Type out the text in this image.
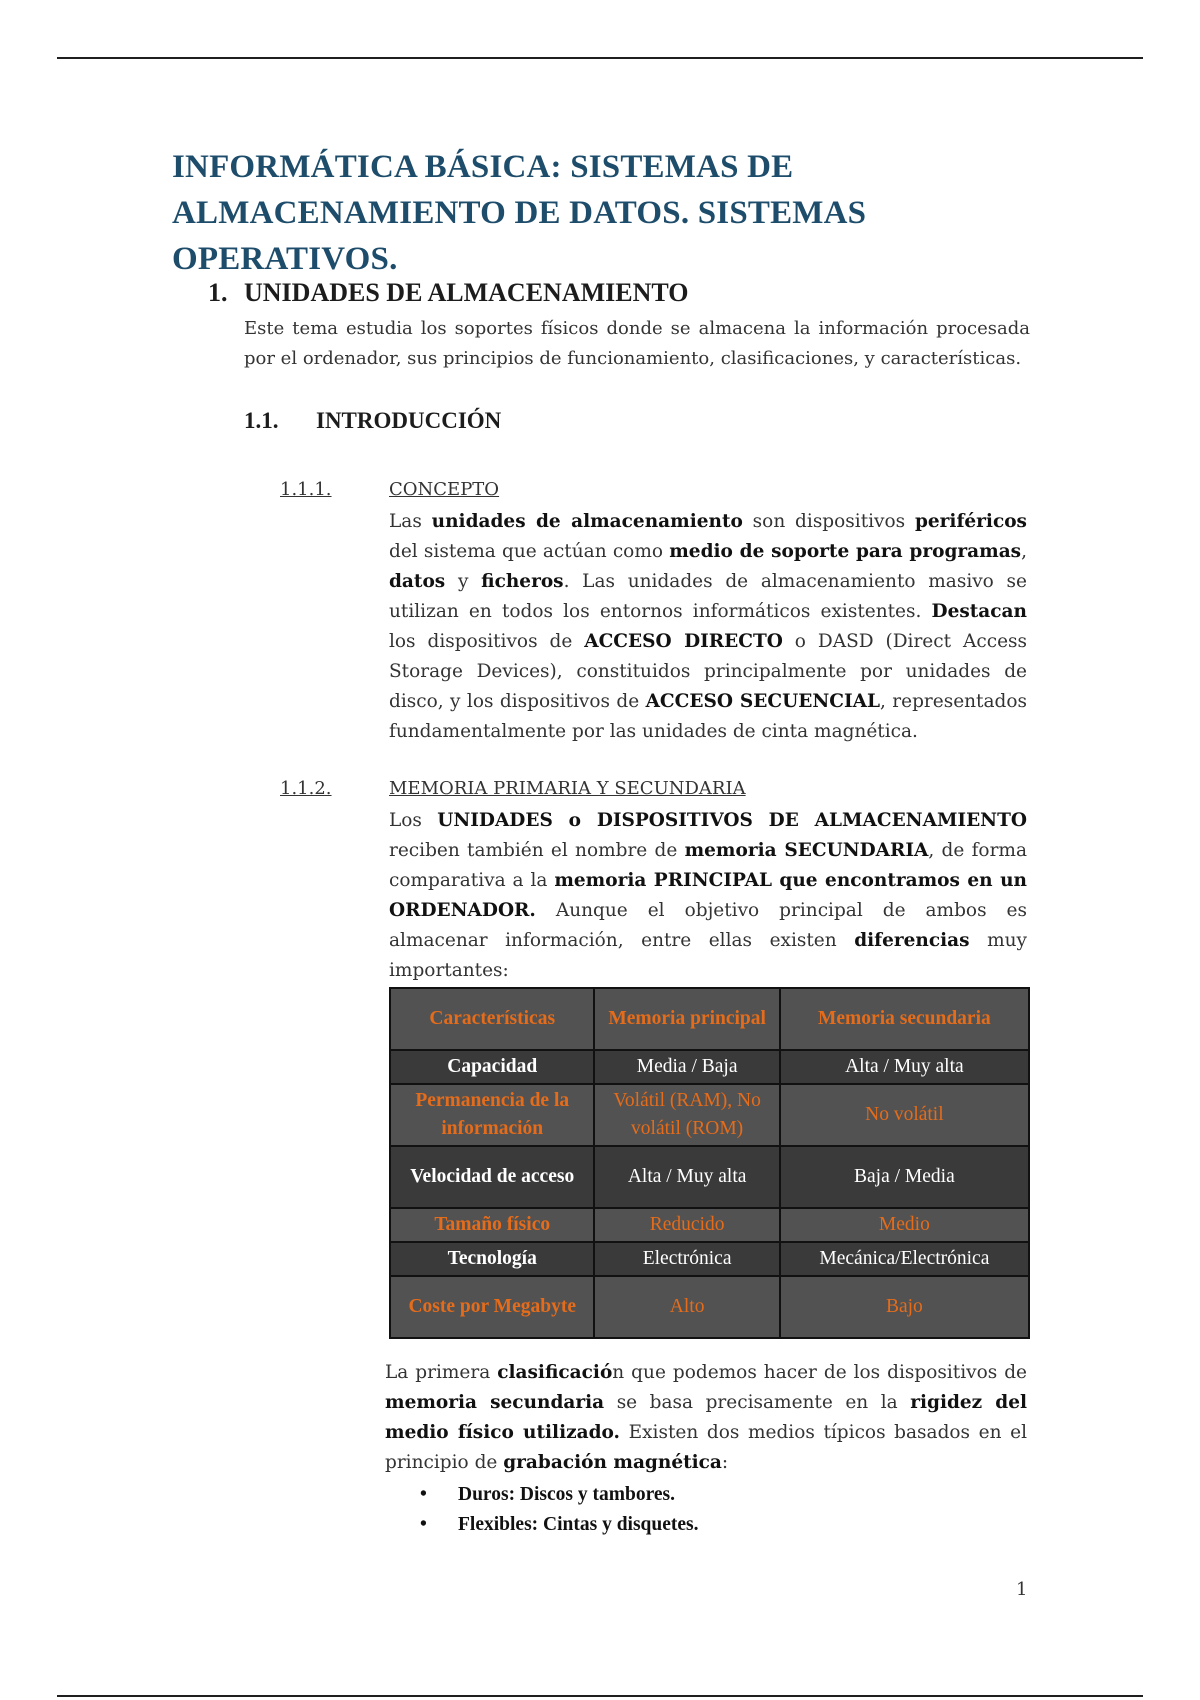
INFORMÁTICA BÁSICA: SISTEMAS DE ALMACENAMIENTO DE DATOS. SISTEMAS OPERATIVOS.
1. UNIDADES DE ALMACENAMIENTO

Este tema estudia los soportes físicos donde se almacena la información procesada por el ordenador, sus principios de funcionamiento, clasificaciones, y características.

1.1. INTRODUCCIÓN
1.1.1.	CONCEPTO

Las unidades de almacenamiento son dispositivos periféricos del sistema que actúan como medio de soporte para programas, datos y ficheros. Las unidades de almacenamiento masivo se utilizan en todos los entornos informáticos existentes. Destacan los dispositivos de ACCESO DIRECTO o DASD (Direct Access Storage Devices), constituidos principalmente por unidades de disco, y los dispositivos de ACCESO SECUENCIAL, representados fundamentalmente por las unidades de cinta magnética.

1.1.2.	MEMORIA PRIMARIA Y SECUNDARIA

Los UNIDADES o DISPOSITIVOS DE ALMACENAMIENTO reciben también el nombre de memoria SECUNDARIA, de forma comparativa a la memoria PRINCIPAL que encontramos en un ORDENADOR. Aunque el objetivo principal de ambos es almacenar información, entre ellas existen diferencias muy importantes:

Características	Memoria principal	Memoria secundaria
Capacidad	Media / Baja	Alta / Muy alta
Permanencia de la información	Volátil (RAM), No volátil (ROM)	No volátil
Velocidad de acceso	Alta / Muy alta	Baja / Media
Tamaño físico	Reducido	Medio
Tecnología	Electrónica	Mecánica/Electrónica
Coste por Megabyte	Alto	Bajo

La primera clasificación que podemos hacer de los dispositivos de memoria secundaria se basa precisamente en la rigidez del medio físico utilizado. Existen dos medios típicos basados en el principio de grabación magnética:

• Duros: Discos y tambores.
• Flexibles: Cintas y disquetes.
1
